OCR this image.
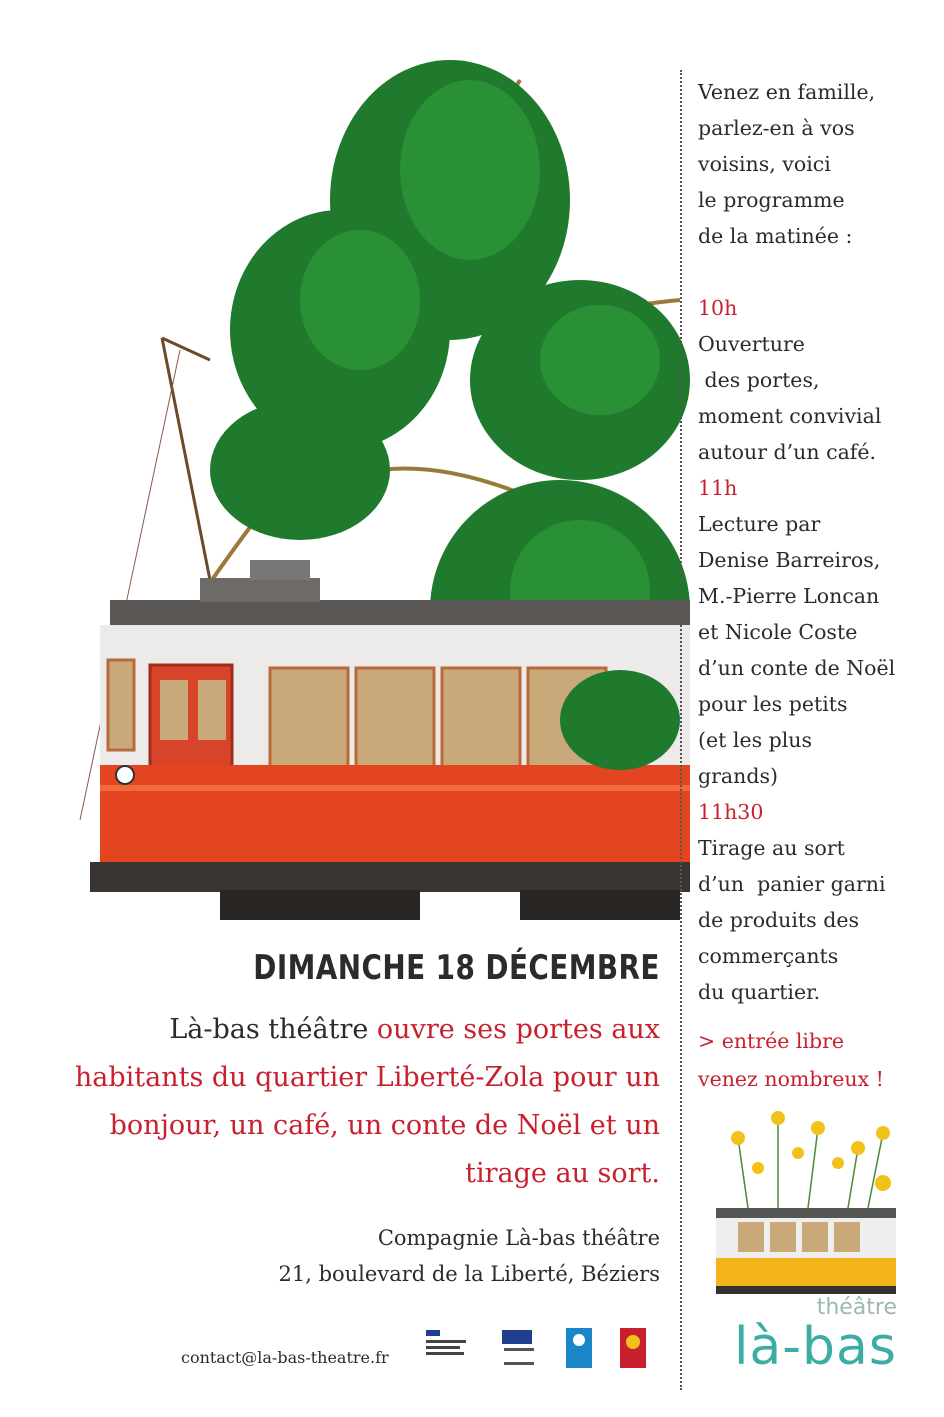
Venez en famille,
parlez-en à vos
voisins, voici
le programme
de la matinée :
10h
Ouverture
des portes,
moment convivial
autour d’un café.
11h
Lecture par
Denise Barreiros,
M.-Pierre Loncan
et Nicole Coste
d’un conte de Noël
pour les petits
(et les plus
grands)
11h30
Tirage au sort
d’un  panier garni
de produits des
commerçants
du quartier.
> entrée libre
venez nombreux !
DIMANCHE 18 DÉCEMBRE
Là-bas théâtre ouvre ses portes aux habitants du quartier Liberté-Zola pour un bonjour, un café, un conte de Noël et un tirage au sort.
Compagnie Là-bas théâtre
21, boulevard de la Liberté, Béziers
contact@la-bas-theatre.fr
théâtre
là-bas
